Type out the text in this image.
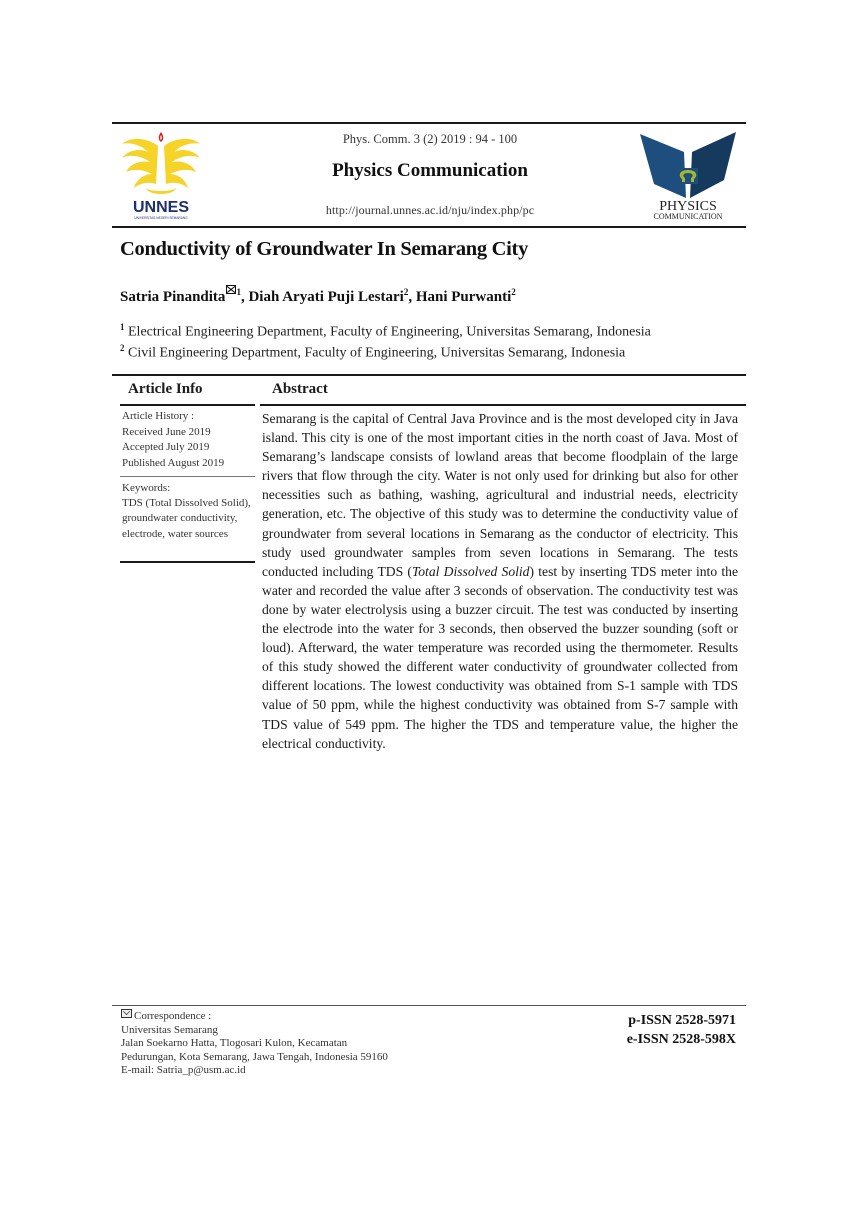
UNNES
UNIVERSITAS NEGERI SEMARANG
Phys. Comm. 3 (2) 2019 : 94 - 100
Physics Communication
http://journal.unnes.ac.id/nju/index.php/pc	PHYSICS
COMMUNICATION
Conductivity of Groundwater In Semarang City
Satria Pinandita $^1$, Diah Aryati Puji Lestari$^2$, Hani Purwanti$^2$
$^1$ Electrical Engineering Department, Faculty of Engineering, Universitas Semarang, Indonesia
$^2$ Civil Engineering Department, Faculty of Engineering, Universitas Semarang, Indonesia
Article Info	Abstract
Article History :
Received June 2019
Accepted July 2019
Published August 2019
Keywords:
TDS (Total Dissolved Solid), groundwater conductivity, electrode, water sources
Semarang is the capital of Central Java Province and is the most developed city in Java island. This city is one of the most important cities in the north coast of Java. Most of Semarang’s landscape consists of lowland areas that become floodplain of the large rivers that flow through the city. Water is not only used for drinking but also for other necessities such as bathing, washing, agricultural and industrial needs, electricity generation, etc. The objective of this study was to determine the conductivity value of groundwater from several locations in Semarang as the conductor of electricity. This study used groundwater samples from seven locations in Semarang. The tests conducted including TDS (Total Dissolved Solid) test by inserting TDS meter into the water and recorded the value after 3 seconds of observation. The conductivity test was done by water electrolysis using a buzzer circuit. The test was conducted by inserting the electrode into the water for 3 seconds, then observed the buzzer sounding (soft or loud). Afterward, the water temperature was recorded using the thermometer. Results of this study showed the different water conductivity of groundwater collected from different locations. The lowest conductivity was obtained from S-1 sample with TDS value of 50 ppm, while the highest conductivity was obtained from S-7 sample with TDS value of 549 ppm. The higher the TDS and temperature value, the higher the electrical conductivity.
Correspondence :
Universitas Semarang
Jalan Soekarno Hatta, Tlogosari Kulon, Kecamatan
Pedurungan, Kota Semarang, Jawa Tengah, Indonesia 59160
E-mail: Satria_p@usm.ac.id
p-ISSN 2528-5971
e-ISSN 2528-598X
